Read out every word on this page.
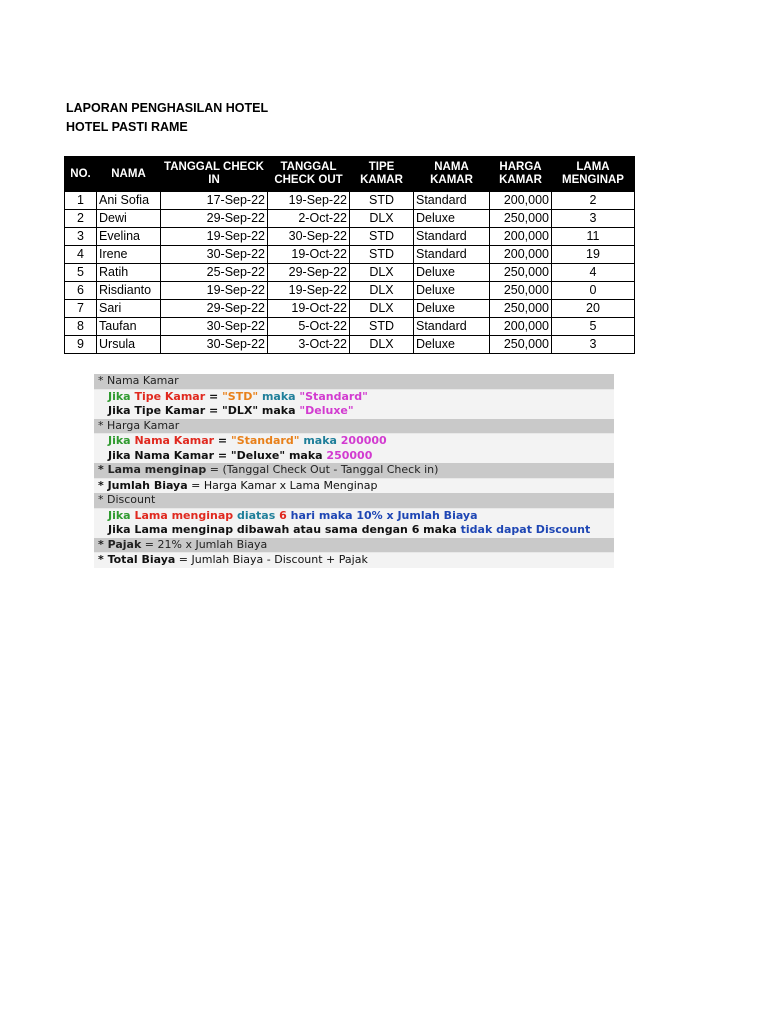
LAPORAN PENGHASILAN HOTEL
HOTEL PASTI RAME
NO.	NAMA	TANGGAL CHECK IN	TANGGAL CHECK OUT	TIPE KAMAR	NAMA KAMAR	HARGA KAMAR	LAMA MENGINAP
1	Ani Sofia	17-Sep-22	19-Sep-22	STD	Standard	200,000	2
2	Dewi	29-Sep-22	2-Oct-22	DLX	Deluxe	250,000	3
3	Evelina	19-Sep-22	30-Sep-22	STD	Standard	200,000	11
4	Irene	30-Sep-22	19-Oct-22	STD	Standard	200,000	19
5	Ratih	25-Sep-22	29-Sep-22	DLX	Deluxe	250,000	4
6	Risdianto	19-Sep-22	19-Sep-22	DLX	Deluxe	250,000	0
7	Sari	29-Sep-22	19-Oct-22	DLX	Deluxe	250,000	20
8	Taufan	30-Sep-22	5-Oct-22	STD	Standard	200,000	5
9	Ursula	30-Sep-22	3-Oct-22	DLX	Deluxe	250,000	3
* Nama Kamar
Jika Tipe Kamar = "STD" maka "Standard"
Jika Tipe Kamar = "DLX" maka "Deluxe"
* Harga Kamar
Jika Nama Kamar = "Standard" maka 200000
Jika Nama Kamar = "Deluxe" maka 250000
* Lama menginap = (Tanggal Check Out - Tanggal Check in)
* Jumlah Biaya = Harga Kamar x Lama Menginap
* Discount
Jika Lama menginap diatas 6 hari maka 10% x Jumlah Biaya
Jika Lama menginap dibawah atau sama dengan 6 maka tidak dapat Discount
* Pajak = 21% x Jumlah Biaya
* Total Biaya = Jumlah Biaya - Discount + Pajak
